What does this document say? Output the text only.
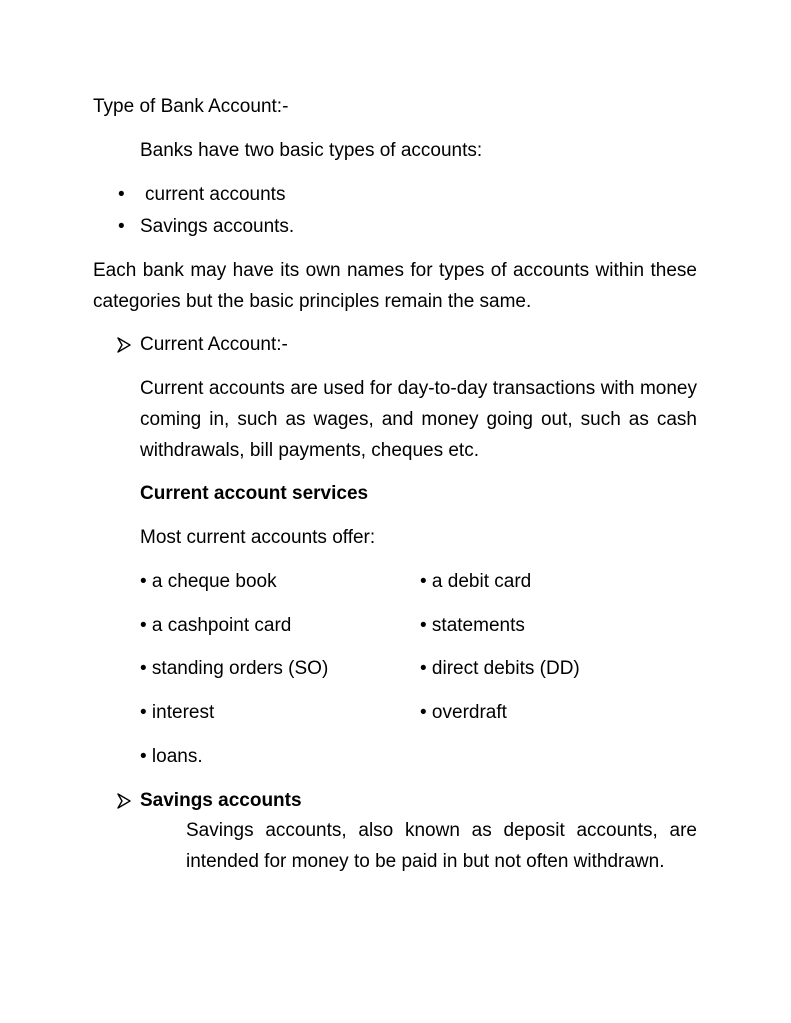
Type of Bank Account:-
Banks have two basic types of accounts:
• current accounts
• Savings accounts.
Each bank may have its own names for types of accounts within these categories but the basic principles remain the same.
Current Account:-
Current accounts are used for day-to-day transactions with money coming in, such as wages, and money going out, such as cash withdrawals, bill payments, cheques etc.
Current account services
Most current accounts offer:
• a cheque book	• a debit card
• a cashpoint card	• statements
• standing orders (SO)	• direct debits (DD)
• interest	• overdraft
• loans.
Savings accounts
Savings accounts, also known as deposit accounts, are intended for money to be paid in but not often withdrawn.
